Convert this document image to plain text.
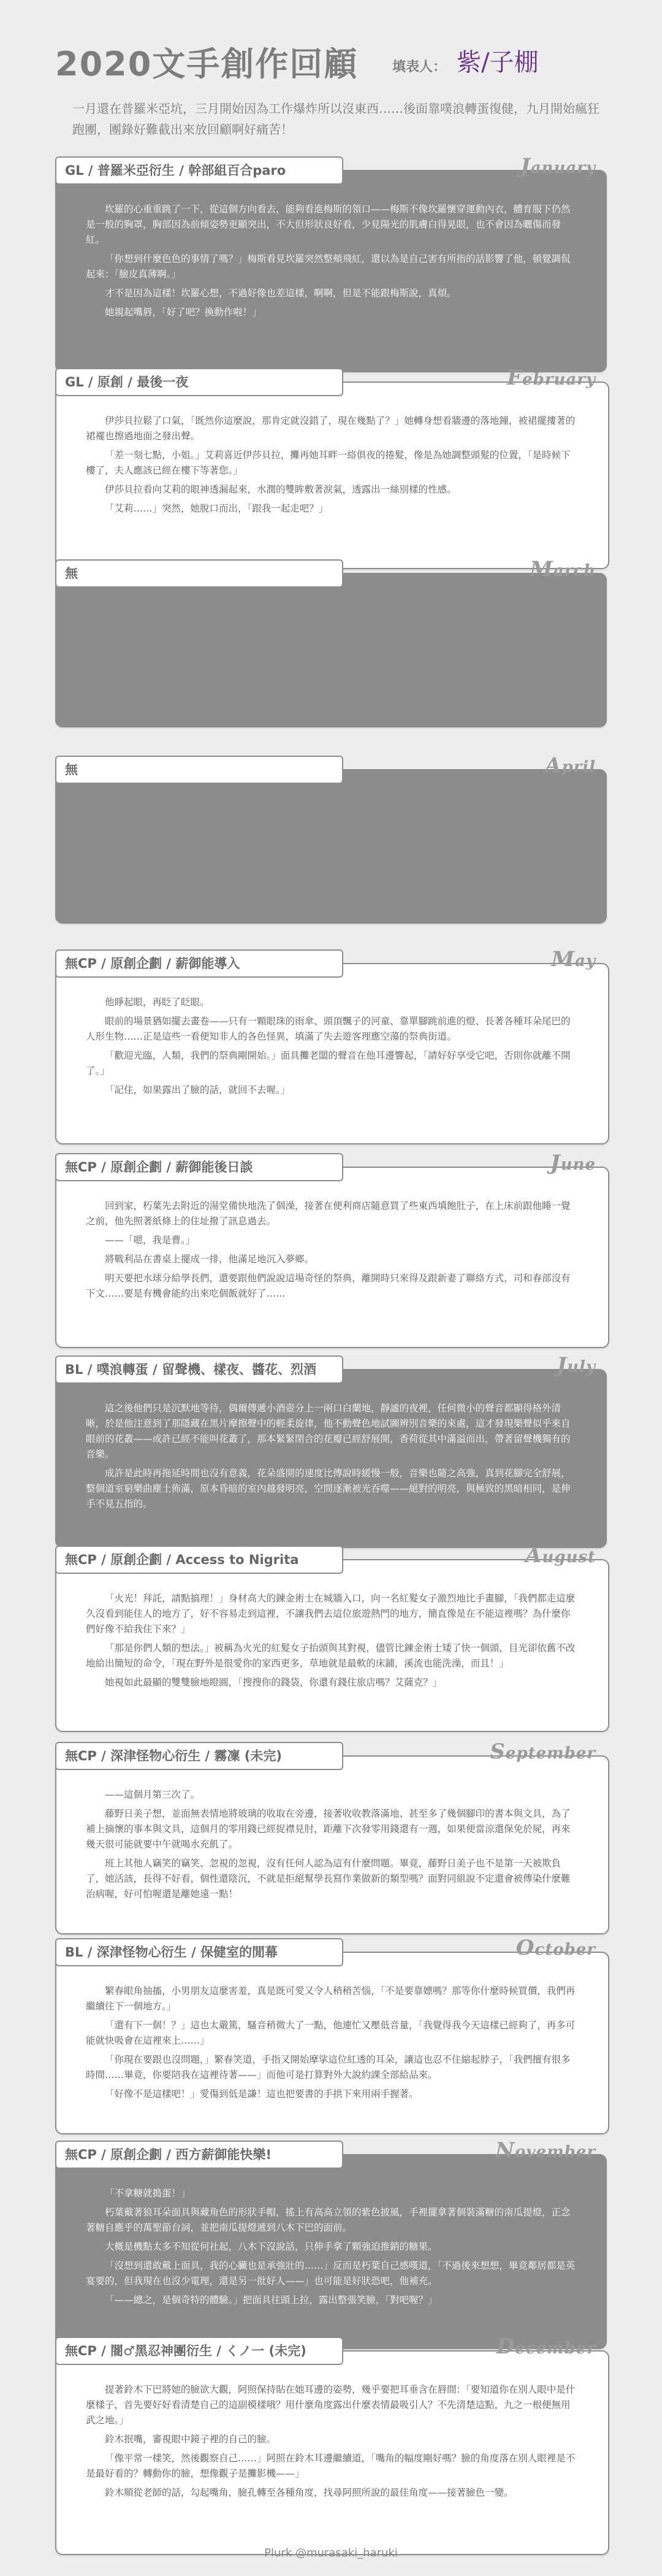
2020文手創作回顧	填表人： 紫/子棚
一月還在普羅米亞坑，三月開始因為工作爆炸所以沒東西……後面靠噗浪轉蛋復健，九月開始瘋狂跑團，團錄好難截出來放回顧啊好痛苦！
GL / 普羅米亞衍生 / 幹部組百合paro	January

坎羅的心重重跳了一下，從這個方向看去，能夠看進梅斯的領口——梅斯不像坎羅懷穿運動內衣，體育服下仍然是一般的胸罩，胸部因為前傾姿勢更顯突出，不大但形狀良好看，少見陽光的肌膚白得晃眼，也不會因為曬傷而發紅。

「你想到什麼色色的事情了嗎？」梅斯看見坎羅突然整頰飛紅，還以為是自己害有所指的話影響了他，頓覺調侃起來：「臉皮真薄啊。」

才不是因為這樣！坎羅心想，不過好像也差這樣，啊啊，但是不能跟梅斯說，真煩。

她親起嘴唇，「好了吧？換動作啦！」

GL / 原創 / 最後一夜	February

伊莎貝拉鬆了口氣，「既然你這麼說，那肯定就沒錯了，現在幾點了？」她轉身想看牆邊的落地鐘，被裙擺摟著的裙襬也擦過地面之發出聲。

「差一刻七點，小姐。」艾莉喜近伊莎貝拉，攤再她耳畔一絡俱夜的捲髮，像是為她調整頭髮的位置，「是時候下樓了，夫人應該已經在樓下等著您。」

伊莎貝拉看向艾莉的眼神透漏起來，水潤的雙眸敷著淚氣，透露出一絲別樣的性感。

「艾莉……」突然，她脫口而出，「跟我一起走吧？」

無	March
無	April
無CP / 原創企劃 / 薪御能導入	May

他睜起眼，再眨了眨眼。

眼前的場景猶如擺去畫卷——只有一顆眼珠的雨傘、頭頂飄子的河童、靠單腳跳前進的燈、長著各種耳朵尾巴的人形生物……正是這些一看便知非人的各色怪異，填滿了失去遊客理應空蕩的祭典街道。

「歡迎光臨，人類，我們的祭典剛開始。」面具攤老闆的聲音在他耳邊響起，「請好好享受它吧，否則你就離不開了。」

「記住，如果露出了臉的話，就回不去喔。」

無CP / 原創企劃 / 薪御能後日談	June

回到家，朽葉先去附近的湯堂備快地洗了個澡，接著在便利商店隨意買了些東西填飽肚子，在上床前跟他睡一覺之前，他先照著紙條上的住址撥了訊息過去。

——「嗯，我是曹。」

將戰利品在書桌上擺成一排，他滿足地沉入夢鄉。

明天要把水球分給學長們，還要跟他們說說這場奇怪的祭典，離開時只來得及跟新妻了聯絡方式，司和春部沒有下文……要是有機會能約出來吃個飯就好了……

BL / 噗浪轉蛋 / 留聲機、樣夜、醬花、烈酒	July

這之後他們只是沉默地等待，偶爾傳遞小酒壺分上一兩口白蘭地，靜謐的夜裡，任何微小的聲音都顯得格外清晰，於是他注意到了那隱藏在黑片摩擦聲中的輕柔旋律，他不動聲色地試圖辨別音樂的來處，這才發現樂聲似乎來自眼前的花叢——或許已經不能叫花叢了，那本緊緊閉合的花瓣已經舒展開，香荷從其中滿溢而出，帶著留聲機獨有的音樂。

成許是此時再拖延時間也沒有意義，花朵盛開的速度比傳說時緩慢一般，音樂也隨之高強，真到花腳完全舒展，整個道室窮樂曲塵土佈滿，原本昏暗的室內越發明亮，空間逐漸被光吞噬——絕對的明亮，與極致的黑暗相同，是伸手不見五指的。

無CP / 原創企劃 / Access to Nigrita	August

「火光！拜託，請點搞理！」身材高大的鍊金術士在城牆入口，向一名紅髮女子激烈地比手畫腳，「我們都走這麼久沒看到能住人的地方了，好不容易走到這裡，不讓我們去這位旅遊熱門的地方，簡直像是在不能這裡嗎？為什麼你們好像不給我住下來？」

「那是你們人類的想法。」被稱為火光的紅髮女子抬頭與其對視，儘管比鍊金術士矮了快一個頭，目光卻依舊不改地給出簡短的命令，「現在野外是很愛你的家西更多，草地就是最軟的床鋪，溪流也能洗澡，而且！」

她視如此最顯的雙雙臉地瞪圓，「搜搜你的錢袋，你還有錢住旅店嗎？艾薩克？」

無CP / 深津怪物心衍生 / 霧凜 (未完)	September

——這個月第三次了。

藤野日美子想，並面無表情地將玻璃的收取在旁邊，接著收收教落滿地、甚至多了幾個腳印的書本與文具，為了補上摘懷的事本與文具，這個月的零用錢已經捉襟見肘，距離下次發零用錢還有一週，如果便當涼還保免於屍，再來幾天很可能就要中午就喝水充飢了。

班上其他人竊笑的竊笑、忽視的忽視，沒有任何人認為這有什麼問題。畢竟，藤野日美子也不是第一天被欺負了，她活該，長得不好看，個性還陰沉，不就是拒絕幫學長寫作業做新的類型嗎？面對同組說不定還會被傳染什麼難治病喔，好可怕喔還是離她遠一點！

BL / 深津怪物心衍生 / 保健室的閒幕	October

繁春眼角抽搐，小男朋友這麼害羞，真是既可愛又令人稍稍苦惱，「不是要靠嫖嗎？那等你什麼時候買價，我們再繼續往下一個地方。」

「還有下一個！？」這也太嚴篤，騷音稍微大了一點，他連忙又壓低音量，「我覺得我今天這樣已經夠了，再多可能就快吸會在這裡來上……」

「你現在要跟也沒問題，」繁春笑道，手指又開始摩挲這位紅透的耳朵，讓這也忍不住縮起脖子，「我們擅有很多時間……畢竟，你要陪我在這裡待著——」而他可是打算對外大說約課全部給品來。

「好像不是這樣吧！」愛傷到低是謙！這也把要書的手拱下來用兩手握著。

無CP / 原創企劃 / 西方薪御能快樂!	November

「不拿糖就搗蛋！」

朽葉戴著狼耳朵面具與藏角色的形狀手帽，搖上有高高立領的紫色披風，手裡擺拿著個裝滿糖的南瓜提燈，正念著糖自應乎的萬聖節台詞，並把南瓜提燈遞到八木下巴的面前。

大概是機點太多不知從何社起，八木下沒說話，只伸手拿了顆強迫推銷的糖果。

「沒想到還敢戴上面具，我的心臟也是承強壯的……」反而是朽葉自己感嘆道，「不過後來想想，畢竟鄰居都是英宴要的，但我現在也沒少電理，還是另一批好人——」也可能是好狀恐吧，他補充。

「——總之，是個奇特的體驗。」把面具往頭上拉，露出整張笑臉，「對吧喔？」

無CP / 闇♂黑忍神團衍生 / くノ一 (未完)	December

提著鈴木下巴將她的臉欲大觀，阿照保持貼在她耳邊的姿勢，幾乎要把耳垂含在唇間：「要知道你在別人眼中是什麼樣子，首先要好好看清楚自己的這副模樣哦？用什麼角度露出什麼表情最吸引人？不先清楚這點，九之一根便無用武之地。」

鈴木抿嘴，審視眼中鏡子裡的自己的臉。

「像平常一樣笑，然後觀察自己……」阿照在鈴木耳邊繼續道，「嘴角的幅度剛好嗎？臉的角度落在別人眼裡是不是最好看的？轉動你的臉，想像觀子是攤影機——」

鈴木順從老師的話，勾起嘴角，臉孔轉至各種角度，找尋阿照所說的最佳角度——接著臉色一變。

Plurk @murasaki_haruki
